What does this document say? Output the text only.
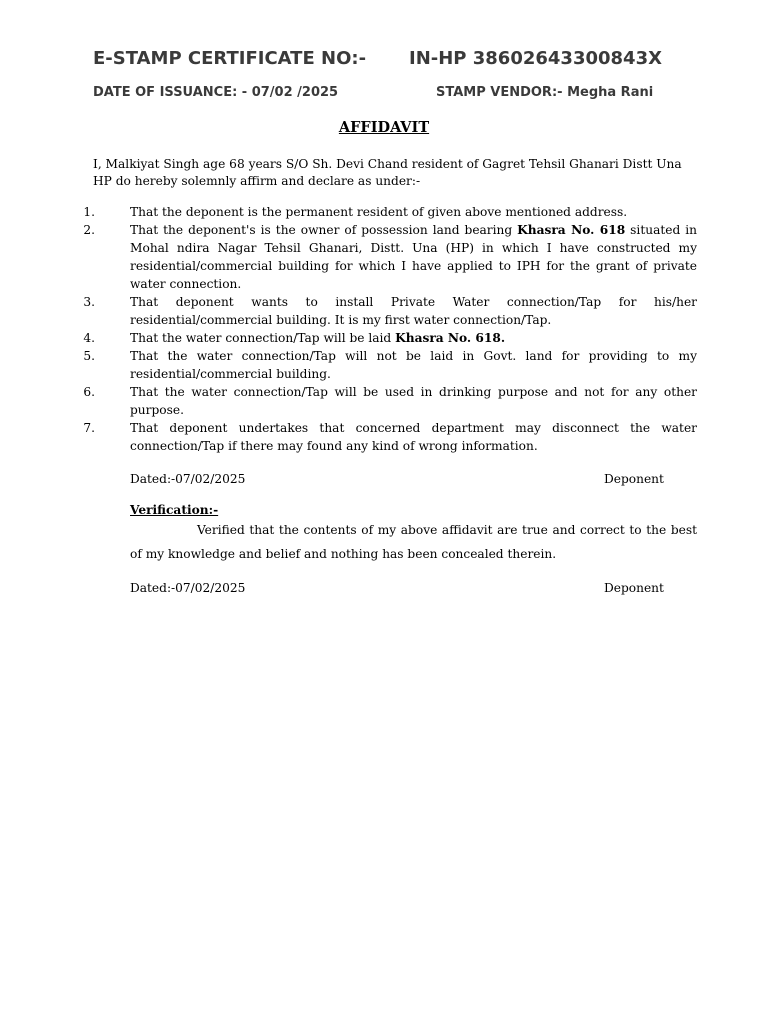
E-STAMP CERTIFICATE NO:- IN-HP 38602643300843X
DATE OF ISSUANCE: - 07/02 /2025	STAMP VENDOR:- Megha Rani
AFFIDAVIT
I, Malkiyat Singh age 68 years S/O Sh. Devi Chand resident of Gagret Tehsil Ghanari Distt Una HP do hereby solemnly affirm and declare as under:-
1.	That the deponent is the permanent resident of given above mentioned address.
2.	That the deponent's is the owner of possession land bearing Khasra No. 618 situated in Mohal ndira Nagar Tehsil Ghanari, Distt. Una (HP) in which I have constructed my residential/commercial building for which I have applied to IPH for the grant of private water connection.
3.	That deponent wants to install Private Water connection/Tap for his/her residential/commercial building. It is my first water connection/Tap.
4.	That the water connection/Tap will be laid Khasra No. 618.
5.	That the water connection/Tap will not be laid in Govt. land for providing to my residential/commercial building.
6.	That the water connection/Tap will be used in drinking purpose and not for any other purpose.
7.	That deponent undertakes that concerned department may disconnect the water connection/Tap if there may found any kind of wrong information.
Dated:-07/02/2025	Deponent
Verification:-
Verified that the contents of my above affidavit are true and correct to the best of my knowledge and belief and nothing has been concealed therein.
Dated:-07/02/2025	Deponent
